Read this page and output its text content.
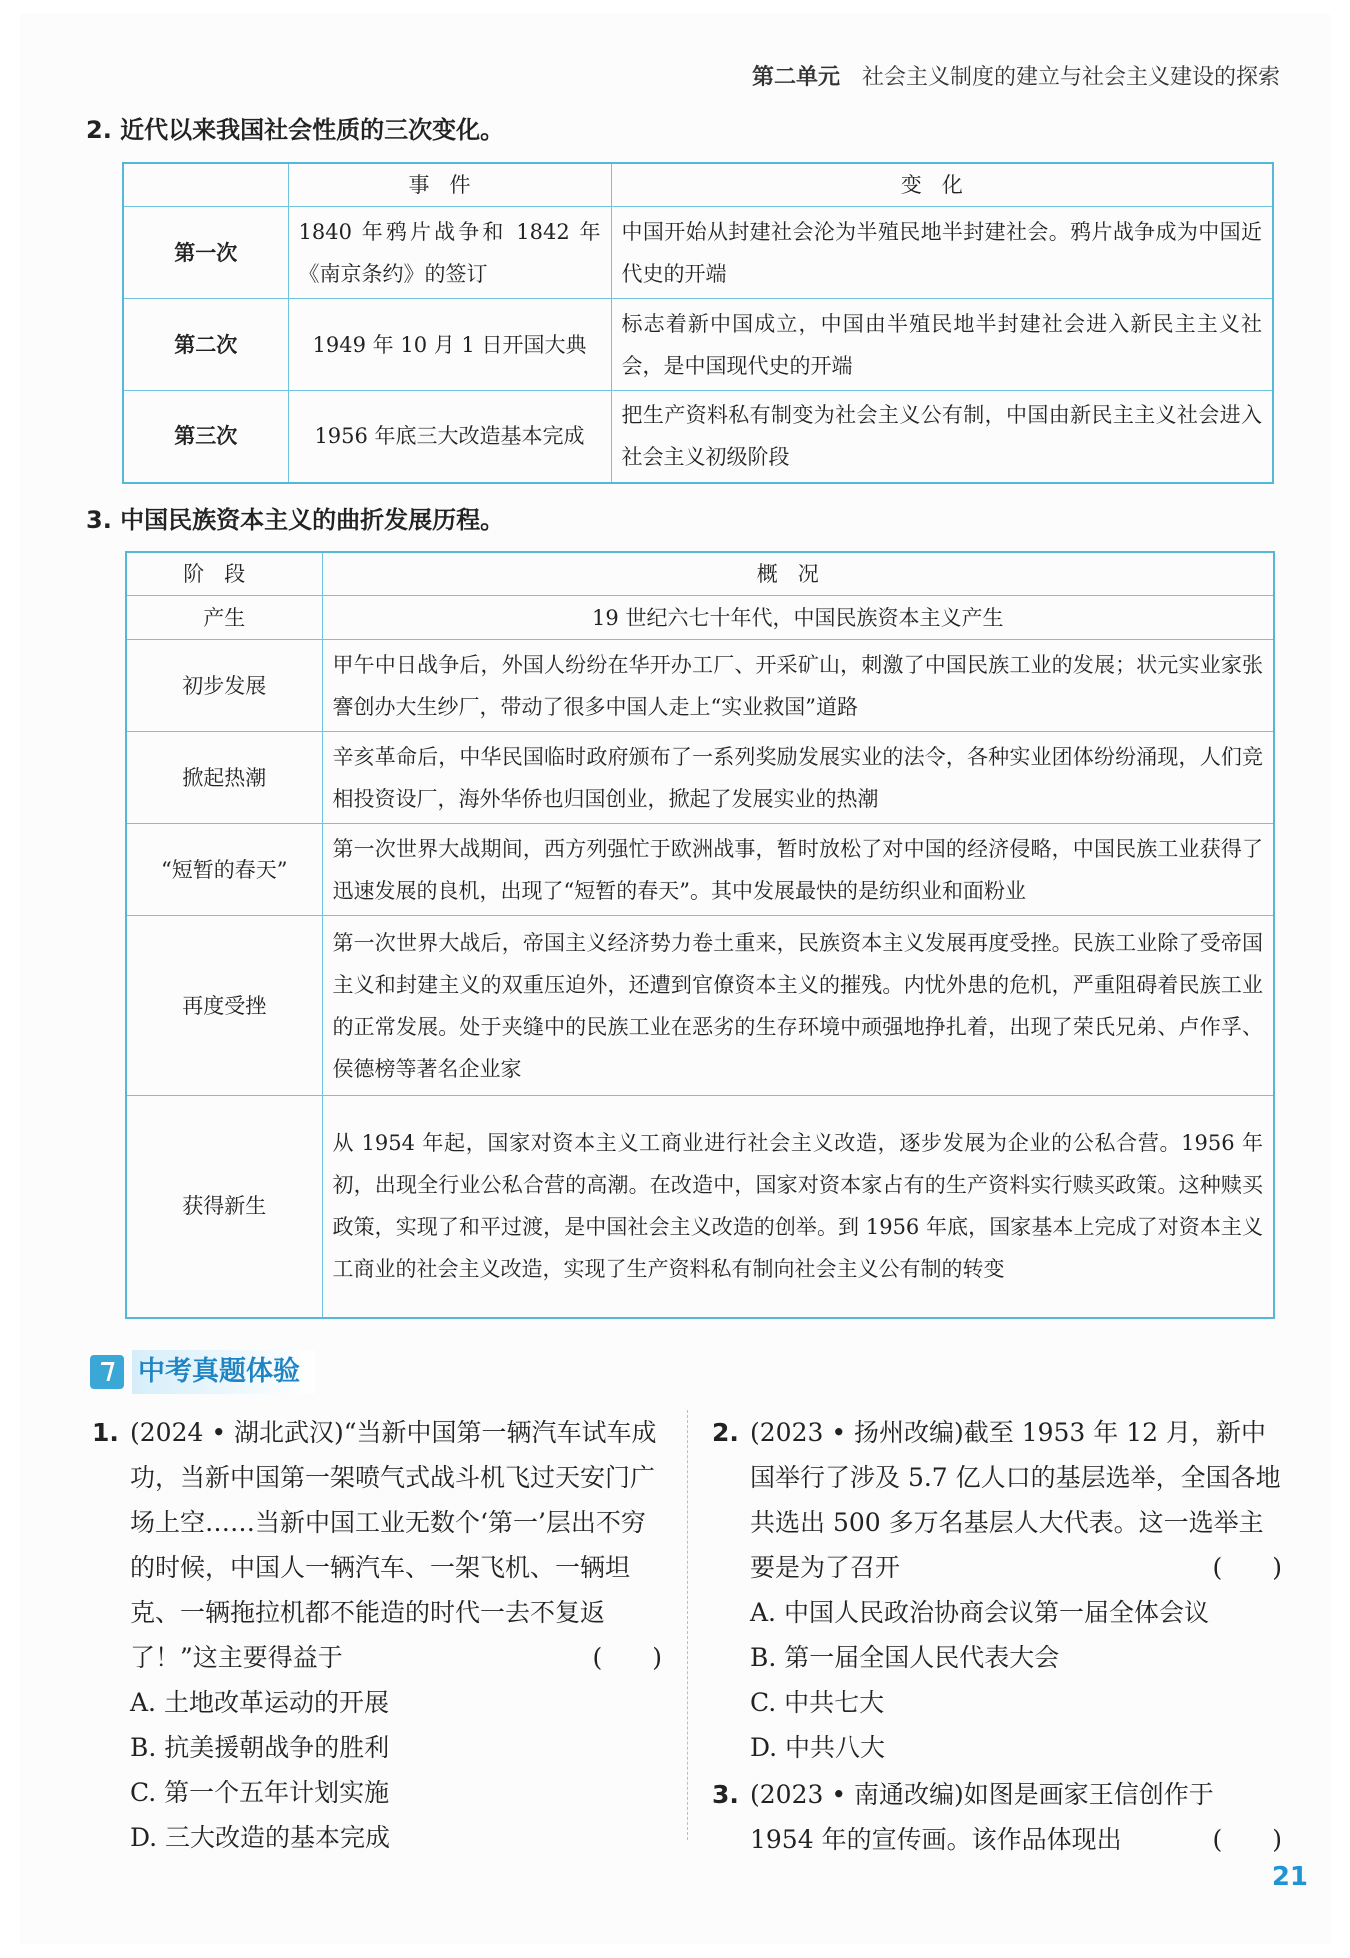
第二单元 社会主义制度的建立与社会主义建设的探索
2. 近代以来我国社会性质的三次变化。
	事件	变化
第一次	1840 年鸦片战争和 1842 年《南京条约》的签订	中国开始从封建社会沦为半殖民地半封建社会。鸦片战争成为中国近代史的开端
第二次	1949 年 10 月 1 日开国大典	标志着新中国成立，中国由半殖民地半封建社会进入新民主主义社会，是中国现代史的开端
第三次	1956 年底三大改造基本完成	把生产资料私有制变为社会主义公有制，中国由新民主主义社会进入社会主义初级阶段
3. 中国民族资本主义的曲折发展历程。
阶段	概况
产生	19 世纪六七十年代，中国民族资本主义产生
初步发展	甲午中日战争后，外国人纷纷在华开办工厂、开采矿山，刺激了中国民族工业的发展；状元实业家张謇创办大生纱厂，带动了很多中国人走上“实业救国”道路
掀起热潮	辛亥革命后，中华民国临时政府颁布了一系列奖励发展实业的法令，各种实业团体纷纷涌现，人们竞相投资设厂，海外华侨也归国创业，掀起了发展实业的热潮
“短暂的春天”	第一次世界大战期间，西方列强忙于欧洲战事，暂时放松了对中国的经济侵略，中国民族工业获得了迅速发展的良机，出现了“短暂的春天”。其中发展最快的是纺织业和面粉业
再度受挫	第一次世界大战后，帝国主义经济势力卷土重来，民族资本主义发展再度受挫。民族工业除了受帝国主义和封建主义的双重压迫外，还遭到官僚资本主义的摧残。内忧外患的危机，严重阻碍着民族工业的正常发展。处于夹缝中的民族工业在恶劣的生存环境中顽强地挣扎着，出现了荣氏兄弟、卢作孚、侯德榜等著名企业家
获得新生	从 1954 年起，国家对资本主义工商业进行社会主义改造，逐步发展为企业的公私合营。1956 年初，出现全行业公私合营的高潮。在改造中，国家对资本家占有的生产资料实行赎买政策。这种赎买政策，实现了和平过渡，是中国社会主义改造的创举。到 1956 年底，国家基本上完成了对资本主义工商业的社会主义改造，实现了生产资料私有制向社会主义公有制的转变
中考真题体验
1. (2024 • 湖北武汉)“当新中国第一辆汽车试车成功，当新中国第一架喷气式战斗机飞过天安门广场上空……当新中国工业无数个‘第一’层出不穷的时候，中国人一辆汽车、一架飞机、一辆坦克、一辆拖拉机都不能造的时代一去不复返了！”这主要得益于	(　　)
A. 土地改革运动的开展
B. 抗美援朝战争的胜利
C. 第一个五年计划实施
D. 三大改造的基本完成
2. (2023 • 扬州改编)截至 1953 年 12 月，新中国举行了涉及 5.7 亿人口的基层选举，全国各地共选出 500 多万名基层人大代表。这一选举主要是为了召开	(　　)
A. 中国人民政治协商会议第一届全体会议
B. 第一届全国人民代表大会
C. 中共七大
D. 中共八大
3. (2023 • 南通改编)如图是画家王信创作于 1954 年的宣传画。该作品体现出	(　　)
21
